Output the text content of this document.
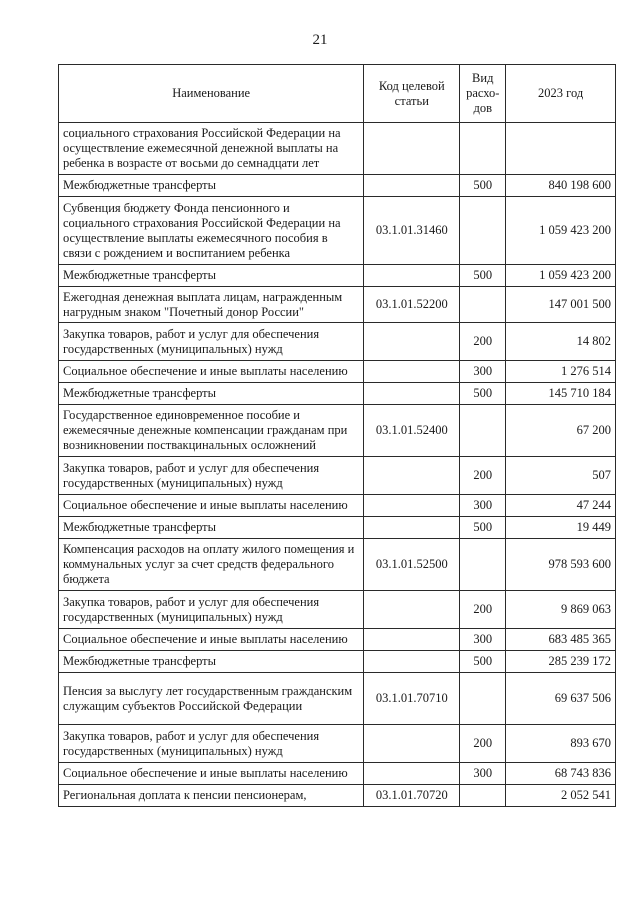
21
Наименование	Код целевой статьи	Вид расхо-дов	2023 год
социального страхования Российской Федерации на осуществление ежемесячной денежной выплаты на ребенка в возрасте от восьми до семнадцати лет			
Межбюджетные трансферты		500	840 198 600
Субвенция бюджету Фонда пенсионного и социального страхования Российской Федерации на осуществление выплаты ежемесячного пособия в связи с рождением и воспитанием ребенка	03.1.01.31460		1 059 423 200
Межбюджетные трансферты		500	1 059 423 200
Ежегодная денежная выплата лицам, награжденным нагрудным знаком "Почетный донор России"	03.1.01.52200		147 001 500
Закупка товаров, работ и услуг для обеспечения государственных (муниципальных) нужд		200	14 802
Социальное обеспечение и иные выплаты населению		300	1 276 514
Межбюджетные трансферты		500	145 710 184
Государственное единовременное пособие и ежемесячные денежные компенсации гражданам при возникновении поствакцинальных осложнений	03.1.01.52400		67 200
Закупка товаров, работ и услуг для обеспечения государственных (муниципальных) нужд		200	507
Социальное обеспечение и иные выплаты населению		300	47 244
Межбюджетные трансферты		500	19 449
Компенсация расходов на оплату жилого помещения и коммунальных услуг за счет средств федерального бюджета	03.1.01.52500		978 593 600
Закупка товаров, работ и услуг для обеспечения государственных (муниципальных) нужд		200	9 869 063
Социальное обеспечение и иные выплаты населению		300	683 485 365
Межбюджетные трансферты		500	285 239 172
Пенсия за выслугу лет государственным гражданским служащим субъектов Российской Федерации	03.1.01.70710		69 637 506
Закупка товаров, работ и услуг для обеспечения государственных (муниципальных) нужд		200	893 670
Социальное обеспечение и иные выплаты населению		300	68 743 836
Региональная доплата к пенсии пенсионерам,	03.1.01.70720		2 052 541
